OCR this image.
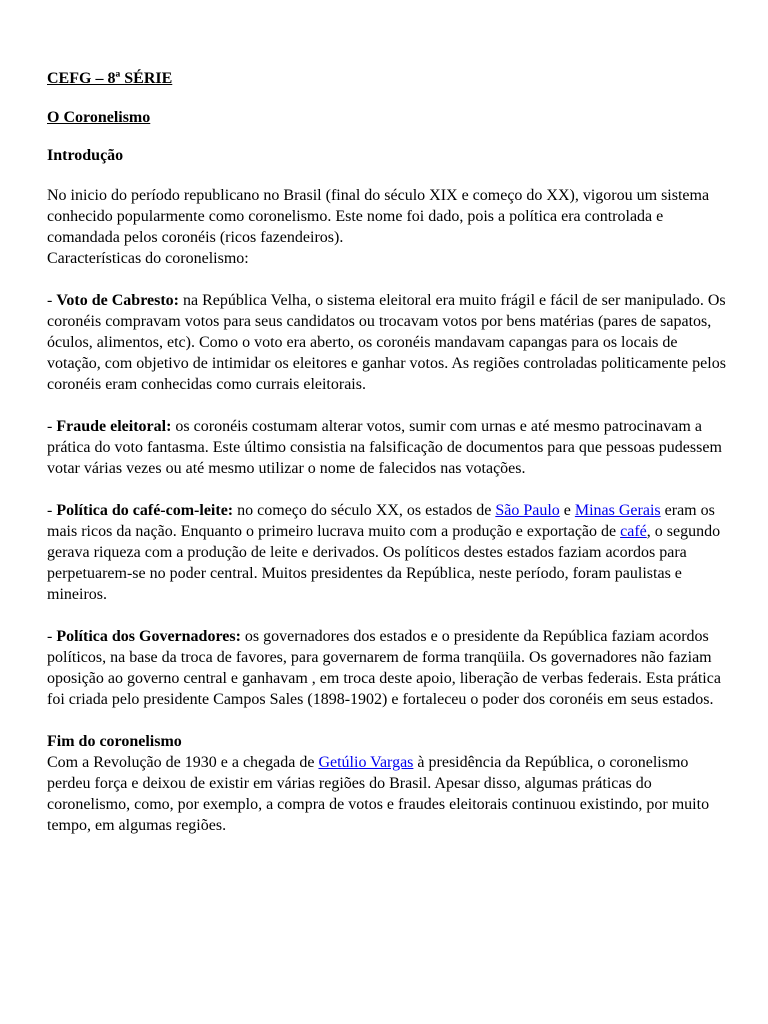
CEFG – 8ª SÉRIE

O Coronelismo

Introdução

No inicio do período republicano no Brasil (final do século XIX e começo do XX), vigorou um sistema conhecido popularmente como coronelismo. Este nome foi dado, pois a política era controlada e comandada pelos coronéis (ricos fazendeiros).

Características do coronelismo:

- Voto de Cabresto: na República Velha, o sistema eleitoral era muito frágil e fácil de ser manipulado. Os coronéis compravam votos para seus candidatos ou trocavam votos por bens matérias (pares de sapatos, óculos, alimentos, etc). Como o voto era aberto, os coronéis mandavam capangas para os locais de votação, com objetivo de intimidar os eleitores e ganhar votos. As regiões controladas politicamente pelos coronéis eram conhecidas como currais eleitorais.

- Fraude eleitoral: os coronéis costumam alterar votos, sumir com urnas e até mesmo patrocinavam a prática do voto fantasma. Este último consistia na falsificação de documentos para que pessoas pudessem votar várias vezes ou até mesmo utilizar o nome de falecidos nas votações.

- Política do café-com-leite: no começo do século XX, os estados de São Paulo e Minas Gerais eram os mais ricos da nação. Enquanto o primeiro lucrava muito com a produção e exportação de café, o segundo gerava riqueza com a produção de leite e derivados. Os políticos destes estados faziam acordos para perpetuarem-se no poder central. Muitos presidentes da República, neste período, foram paulistas e mineiros.

- Política dos Governadores: os governadores dos estados e o presidente da República faziam acordos políticos, na base da troca de favores, para governarem de forma tranqüila. Os governadores não faziam oposição ao governo central e ganhavam , em troca deste apoio, liberação de verbas federais. Esta prática foi criada pelo presidente Campos Sales (1898-1902) e fortaleceu o poder dos coronéis em seus estados.

Fim do coronelismo

Com a Revolução de 1930 e a chegada de Getúlio Vargas à presidência da República, o coronelismo perdeu força e deixou de existir em várias regiões do Brasil. Apesar disso, algumas práticas do coronelismo, como, por exemplo, a compra de votos e fraudes eleitorais continuou existindo, por muito tempo, em algumas regiões.
